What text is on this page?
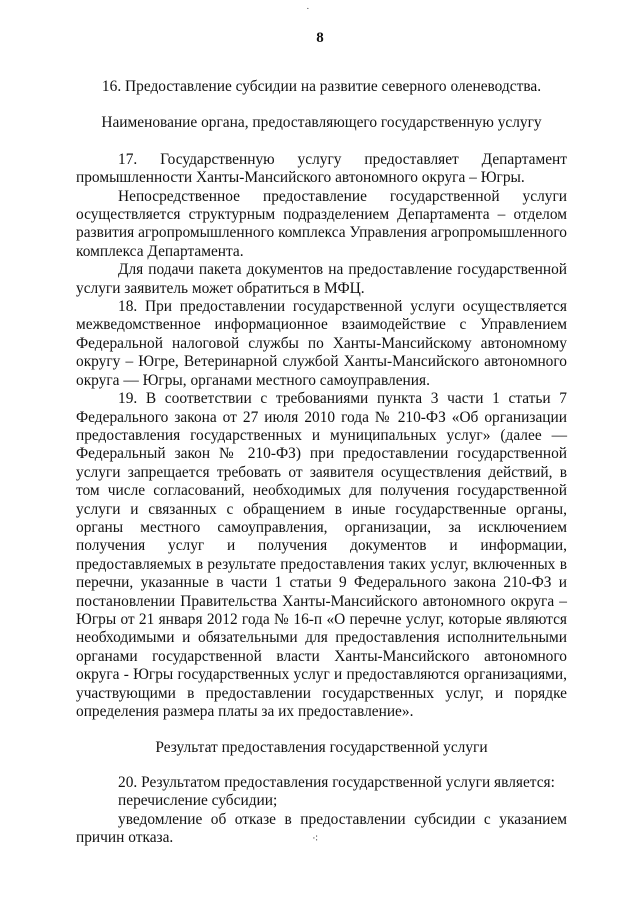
˙
8

16. Предоставление субсидии на развитие северного оленеводства.

Наименование органа, предоставляющего государственную услугу

17. Государственную услугу предоставляет Департамент промышленности Ханты-Мансийского автономного округа – Югры.

Непосредственное предоставление государственной услуги осуществляется структурным подразделением Департамента – отделом развития агропромышленного комплекса Управления агропромышленного комплекса Департамента.

Для подачи пакета документов на предоставление государственной услуги заявитель может обратиться в МФЦ.

18. При предоставлении государственной услуги осуществляется межведомственное информационное взаимодействие с Управлением Федеральной налоговой службы по Ханты-Мансийскому автономному округу – Югре, Ветеринарной службой Ханты-Мансийского автономного округа — Югры, органами местного самоуправления.

19. В соответствии с требованиями пункта 3 части 1 статьи 7 Федерального закона от 27 июля 2010 года № 210-ФЗ «Об организации предоставления государственных и муниципальных услуг» (далее — Федеральный закон № 210-ФЗ) при предоставлении государственной услуги запрещается требовать от заявителя осуществления действий, в том числе согласований, необходимых для получения государственной услуги и связанных с обращением в иные государственные органы, органы местного самоуправления, организации, за исключением получения услуг и получения документов и информации, предоставляемых в результате предоставления таких услуг, включенных в перечни, указанные в части 1 статьи 9 Федерального закона 210-ФЗ и постановлении Правительства Ханты-Мансийского автономного округа – Югры от 21 января 2012 года № 16-п «О перечне услуг, которые являются необходимыми и обязательными для предоставления исполнительными органами государственной власти Ханты-Мансийского автономного округа - Югры государственных услуг и предоставляются организациями, участвующими в предоставлении государственных услуг, и порядке определения размера платы за их предоставление».

Результат предоставления государственной услуги

20. Результатом предоставления государственной услуги является:

перечисление субсидии;

уведомление об отказе в предоставлении субсидии с указанием причин отказа.	⁖
